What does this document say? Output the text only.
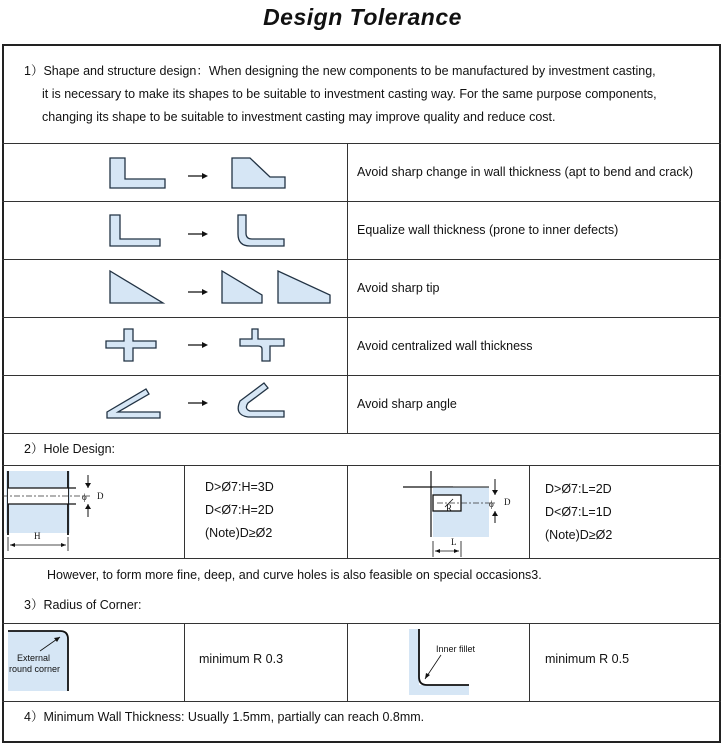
Design Tolerance
1）Shape and structure design：When designing the new components to be manufactured by investment casting,
it is necessary to make its shapes to be suitable to investment casting way. For the same purpose components,
changing its shape to be suitable to investment casting may improve quality and reduce cost.
Avoid sharp change in wall thickness (apt to bend and crack)
Equalize wall thickness (prone to inner defects)
Avoid sharp tip
Avoid centralized wall thickness
Avoid sharp angle
2）Hole Design:
ϕ D
H
D>Ø7:H=3D
D<Ø7:H=2D
(Note)D≥Ø2
ϕ
R
D
L
D>Ø7:L=2D
D<Ø7:L=1D
(Note)D≥Ø2
However, to form more fine, deep, and curve holes is also feasible on special occasions3.
3）Radius of Corner:
External
round corner
minimum R 0.3
Inner fillet
minimum R 0.5
4）Minimum Wall Thickness: Usually 1.5mm, partially can reach 0.8mm.
